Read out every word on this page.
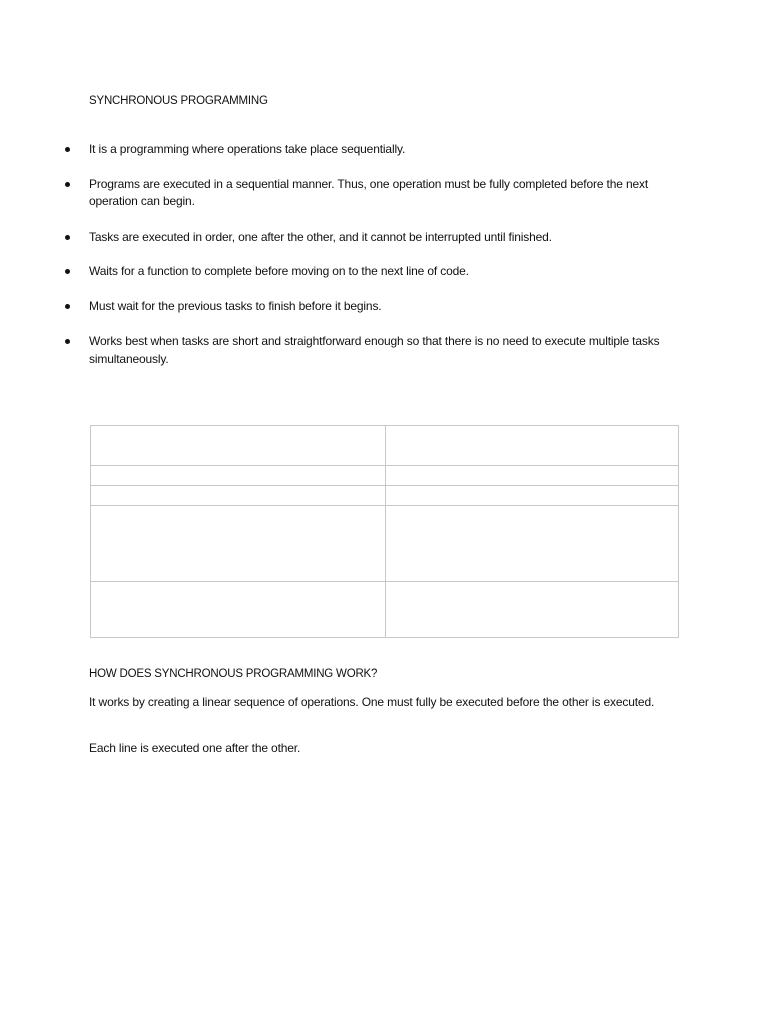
SYNCHRONOUS PROGRAMMING
It is a programming where operations take place sequentially.
Programs are executed in a sequential manner. Thus, one operation must be fully completed before the next operation can begin.
Tasks are executed in order, one after the other, and it cannot be interrupted until finished.
Waits for a function to complete before moving on to the next line of code.
Must wait for the previous tasks to finish before it begins.
Works best when tasks are short and straightforward enough so that there is no need to execute multiple tasks simultaneously.

HOW DOES SYNCHRONOUS PROGRAMMING WORK?

It works by creating a linear sequence of operations. One must fully be executed before the other is executed.

Each line is executed one after the other.
